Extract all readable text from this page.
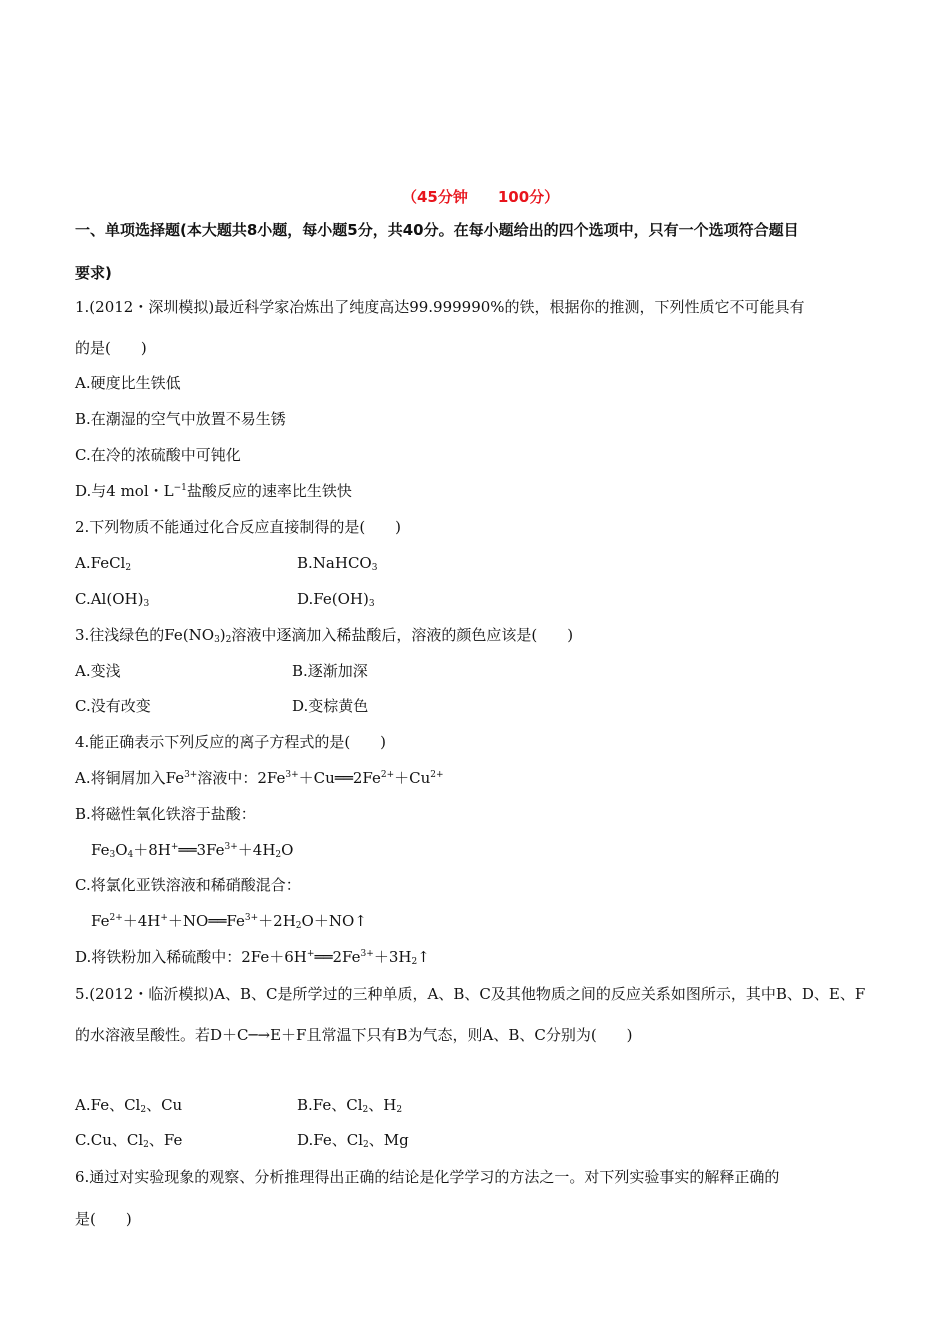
（45分钟　　100分）
一、单项选择题(本大题共8小题，每小题5分，共40分。在每小题给出的四个选项中，只有一个选项符合题目
要求)
1.(2012・深圳模拟)最近科学家冶炼出了纯度高达99.999990%的铁，根据你的推测，下列性质它不可能具有
的是(　　)
A.硬度比生铁低
B.在潮湿的空气中放置不易生锈
C.在冷的浓硫酸中可钝化
D.与4 mol・$L^{-1}$盐酸反应的速率比生铁快
2.下列物质不能通过化合反应直接制得的是(　　)
A.FeCl$_2$	B.NaHCO$_3$
$C.Al(OH)_3$	$D.Fe(OH)_3$
3.往浅绿色的$Fe(NO_3)_2$溶液中逐滴加入稀盐酸后，溶液的颜色应该是(　　)
A.变浅	B.逐渐加深
C.没有改变	D.变棕黄色
4.能正确表示下列反应的离子方程式的是(　　)
A.将铜屑加入$Fe^{3+}$溶液中：$2Fe^{3+}+Cu══2Fe^{2+}+Cu^{2+}$
B.将磁性氧化铁溶于盐酸：
$Fe_3O_4+8H^+══3Fe^{3+}+4H_2O$
C.将氯化亚铁溶液和稀硝酸混合：
$Fe^{2+}+4H^++NO══Fe^{3+}+2H_2O+NO↑$
D.将铁粉加入稀硫酸中：$2Fe+6H^+══2Fe^{3+}+3H_2↑$
5.(2012・临沂模拟)A、B、C是所学过的三种单质，A、B、C及其他物质之间的反应关系如图所示，其中B、D、E、F
的水溶液呈酸性。若D＋C─→E＋F且常温下只有B为气态，则A、B、C分别为(　　)
A.Fe、$Cl_2$、Cu	B.Fe、$Cl_2$、$H_2$
C.Cu、$Cl_2$、Fe	D.Fe、$Cl_2$、Mg
6.通过对实验现象的观察、分析推理得出正确的结论是化学学习的方法之一。对下列实验事实的解释正确的
是(　　)
